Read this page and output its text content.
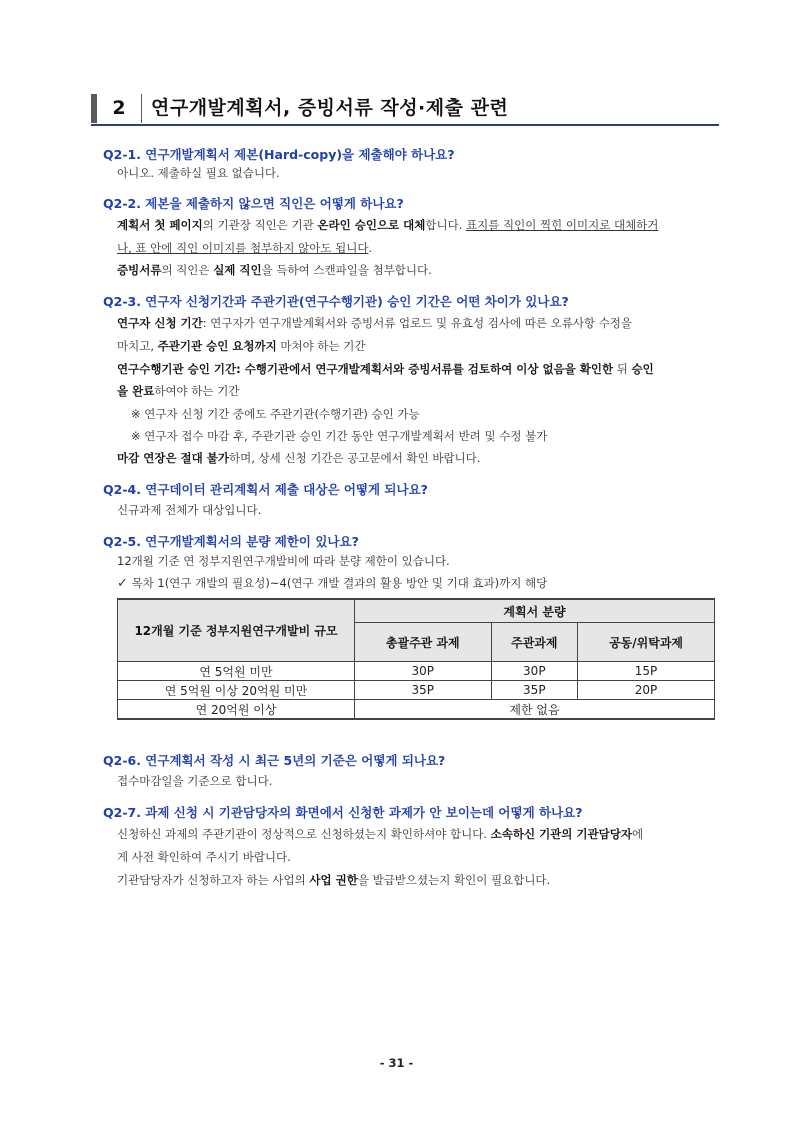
2	연구개발계획서, 증빙서류 작성·제출 관련
Q2-1. 연구개발계획서 제본(Hard-copy)을 제출해야 하나요?
아니오. 제출하실 필요 없습니다.
Q2-2. 제본을 제출하지 않으면 직인은 어떻게 하나요?
계획서 첫 페이지의 기관장 직인은 기관 온라인 승인으로 대체합니다. 표지를 직인이 찍힌 이미지로 대체하거
나, 표 안에 직인 이미지를 첨부하지 않아도 됩니다.
증빙서류의 직인은 실제 직인을 득하여 스캔파일을 첨부합니다.
Q2-3. 연구자 신청기간과 주관기관(연구수행기관) 승인 기간은 어떤 차이가 있나요?
연구자 신청 기간: 연구자가 연구개발계획서와 증빙서류 업로드 및 유효성 검사에 따른 오류사항 수정을
마치고, 주관기관 승인 요청까지 마쳐야 하는 기간
연구수행기관 승인 기간: 수행기관에서 연구개발계획서와 증빙서류를 검토하여 이상 없음을 확인한 뒤 승인
을 완료하여야 하는 기간
※ 연구자 신청 기간 중에도 주관기관(수행기관) 승인 가능
※ 연구자 접수 마감 후, 주관기관 승인 기간 동안 연구개발계획서 반려 및 수정 불가
마감 연장은 절대 불가하며, 상세 신청 기간은 공고문에서 확인 바랍니다.
Q2-4. 연구데이터 관리계획서 제출 대상은 어떻게 되나요?
신규과제 전체가 대상입니다.
Q2-5. 연구개발계획서의 분량 제한이 있나요?
12개월 기준 연 정부지원연구개발비에 따라 분량 제한이 있습니다.
✓ 목차 1(연구 개발의 필요성)~4(연구 개발 결과의 활용 방안 및 기대 효과)까지 해당
12개월 기준 정부지원연구개발비 규모	계획서 분량		
	총괄주관 과제	주관과제	공동/위탁과제
연 5억원 미만	30P	30P	15P
연 5억원 이상 20억원 미만	35P	35P	20P
연 20억원 이상	제한 없음		
Q2-6. 연구계획서 작성 시 최근 5년의 기준은 어떻게 되나요?
접수마감일을 기준으로 합니다.
Q2-7. 과제 신청 시 기관담당자의 화면에서 신청한 과제가 안 보이는데 어떻게 하나요?
신청하신 과제의 주관기관이 정상적으로 신청하셨는지 확인하셔야 합니다. 소속하신 기관의 기관담당자에
게 사전 확인하여 주시기 바랍니다.
기관담당자가 신청하고자 하는 사업의 사업 권한을 발급받으셨는지 확인이 필요합니다.
- 31 -
